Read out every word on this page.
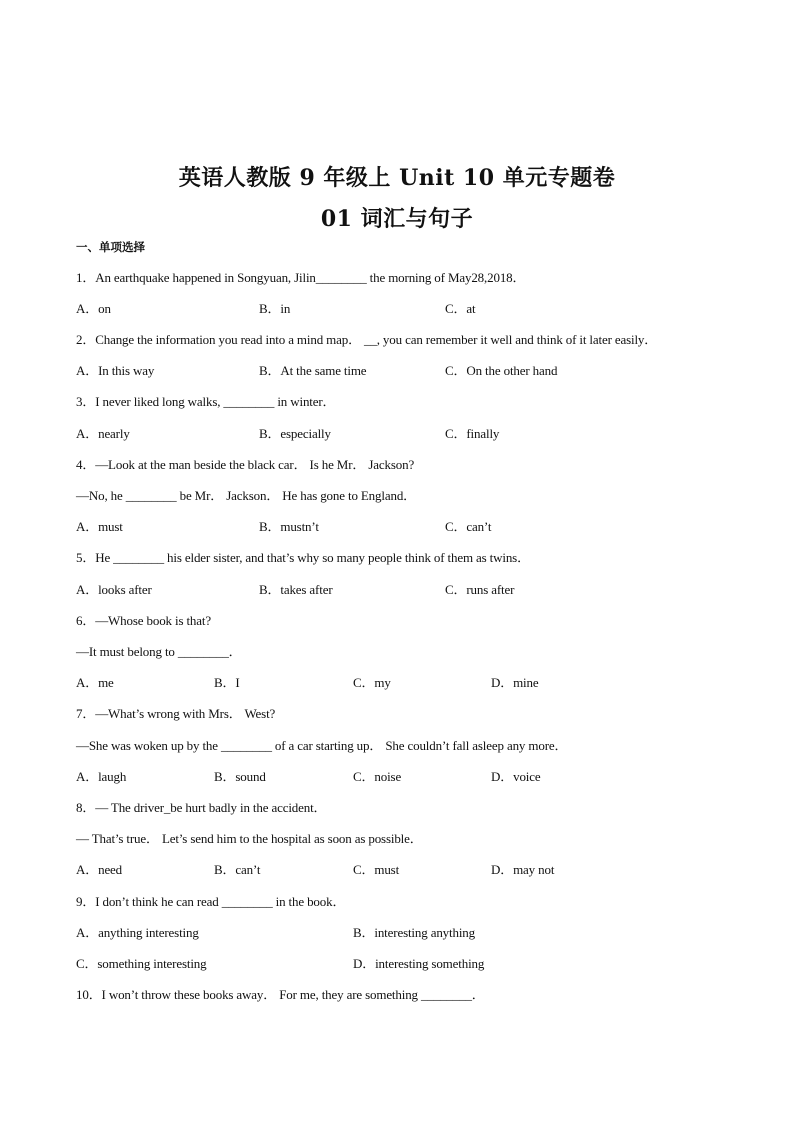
英语人教版 9 年级上 Unit 10 单元专题卷
01 词汇与句子
一、单项选择
1．An earthquake happened in Songyuan, Jilin________ the morning of May28,2018．
A．on	B．in	C．at
2．Change the information you read into a mind map． __, you can remember it well and think of it later easily．
A．In this way	B．At the same time	C．On the other hand
3．I never liked long walks, ________ in winter．
A．nearly	B．especially	C．finally
4．—Look at the man beside the black car． Is he Mr． Jackson?
—No, he ________ be Mr． Jackson． He has gone to England．
A．must	B．mustn’t	C．can’t
5．He ________ his elder sister, and that’s why so many people think of them as twins．
A．looks after	B．takes after	C．runs after
6．—Whose book is that?
—It must belong to ________．
A．me	B．I	C．my	D．mine
7．—What’s wrong with Mrs． West?
—She was woken up by the ________ of a car starting up． She couldn’t fall asleep any more．
A．laugh	B．sound	C．noise	D．voice
8．— The driver_be hurt badly in the accident．
— That’s true． Let’s send him to the hospital as soon as possible．
A．need	B．can’t	C．must	D．may not
9．I don’t think he can read ________ in the book．
A．anything interesting	B．interesting anything
C．something interesting	D．interesting something
10．I won’t throw these books away． For me, they are something ________．
